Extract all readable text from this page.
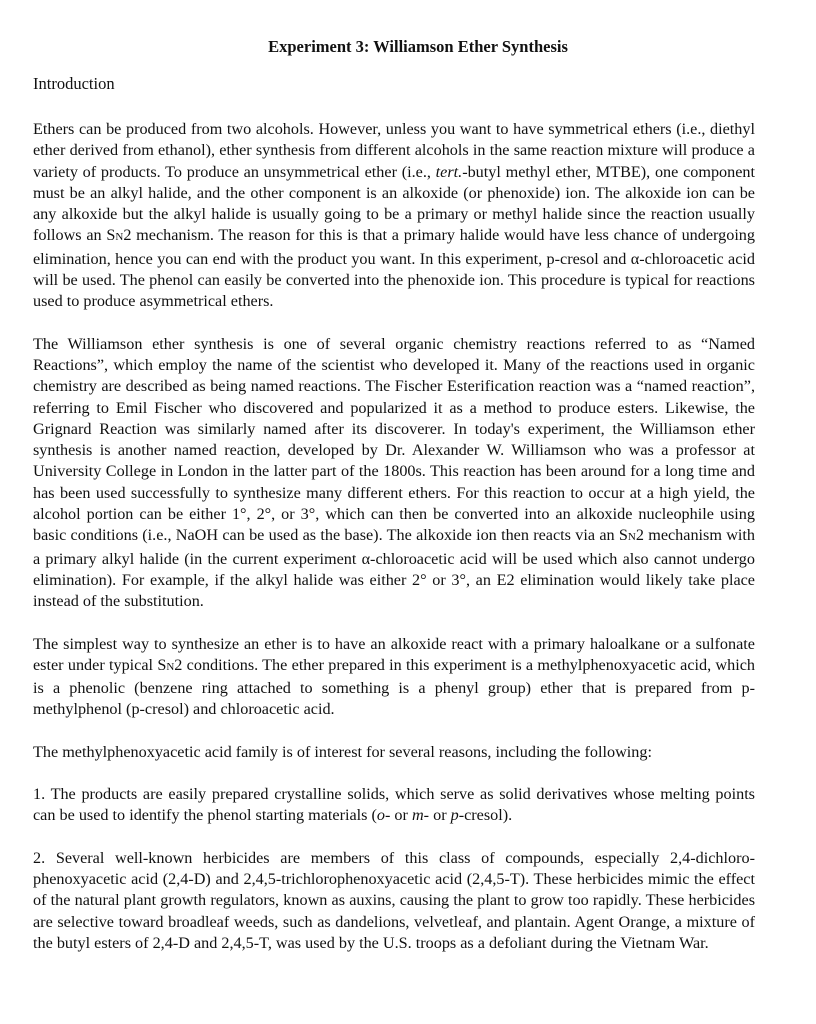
Experiment 3: Williamson Ether Synthesis
Introduction

Ethers can be produced from two alcohols. However, unless you want to have symmetrical ethers (i.e., diethyl ether derived from ethanol), ether synthesis from different alcohols in the same reaction mixture will produce a variety of products. To produce an unsymmetrical ether (i.e., tert.-butyl methyl ether, MTBE), one component must be an alkyl halide, and the other component is an alkoxide (or phenoxide) ion. The alkoxide ion can be any alkoxide but the alkyl halide is usually going to be a primary or methyl halide since the reaction usually follows an SN2 mechanism. The reason for this is that a primary halide would have less chance of undergoing elimination, hence you can end with the product you want. In this experiment, p-cresol and α-chloroacetic acid will be used. The phenol can easily be converted into the phenoxide ion. This procedure is typical for reactions used to produce asymmetrical ethers.

The Williamson ether synthesis is one of several organic chemistry reactions referred to as “Named Reactions”, which employ the name of the scientist who developed it. Many of the reactions used in organic chemistry are described as being named reactions. The Fischer Esterification reaction was a “named reaction”, referring to Emil Fischer who discovered and popularized it as a method to produce esters. Likewise, the Grignard Reaction was similarly named after its discoverer. In today's experiment, the Williamson ether synthesis is another named reaction, developed by Dr. Alexander W. Williamson who was a professor at University College in London in the latter part of the 1800s. This reaction has been around for a long time and has been used successfully to synthesize many different ethers. For this reaction to occur at a high yield, the alcohol portion can be either 1°, 2°, or 3°, which can then be converted into an alkoxide nucleophile using basic conditions (i.e., NaOH can be used as the base). The alkoxide ion then reacts via an SN2 mechanism with a primary alkyl halide (in the current experiment α-chloroacetic acid will be used which also cannot undergo elimination). For example, if the alkyl halide was either 2° or 3°, an E2 elimination would likely take place instead of the substitution.

The simplest way to synthesize an ether is to have an alkoxide react with a primary haloalkane or a sulfonate ester under typical SN2 conditions. The ether prepared in this experiment is a methylphenoxyacetic acid, which is a phenolic (benzene ring attached to something is a phenyl group) ether that is prepared from p-methylphenol (p-cresol) and chloroacetic acid.

The methylphenoxyacetic acid family is of interest for several reasons, including the following:

1. The products are easily prepared crystalline solids, which serve as solid derivatives whose melting points can be used to identify the phenol starting materials (o- or m- or p-cresol).

2. Several well-known herbicides are members of this class of compounds, especially 2,4-dichloro-phenoxyacetic acid (2,4-D) and 2,4,5-trichlorophenoxyacetic acid (2,4,5-T). These herbicides mimic the effect of the natural plant growth regulators, known as auxins, causing the plant to grow too rapidly. These herbicides are selective toward broadleaf weeds, such as dandelions, velvetleaf, and plantain. Agent Orange, a mixture of the butyl esters of 2,4-D and 2,4,5-T, was used by the U.S. troops as a defoliant during the Vietnam War.
